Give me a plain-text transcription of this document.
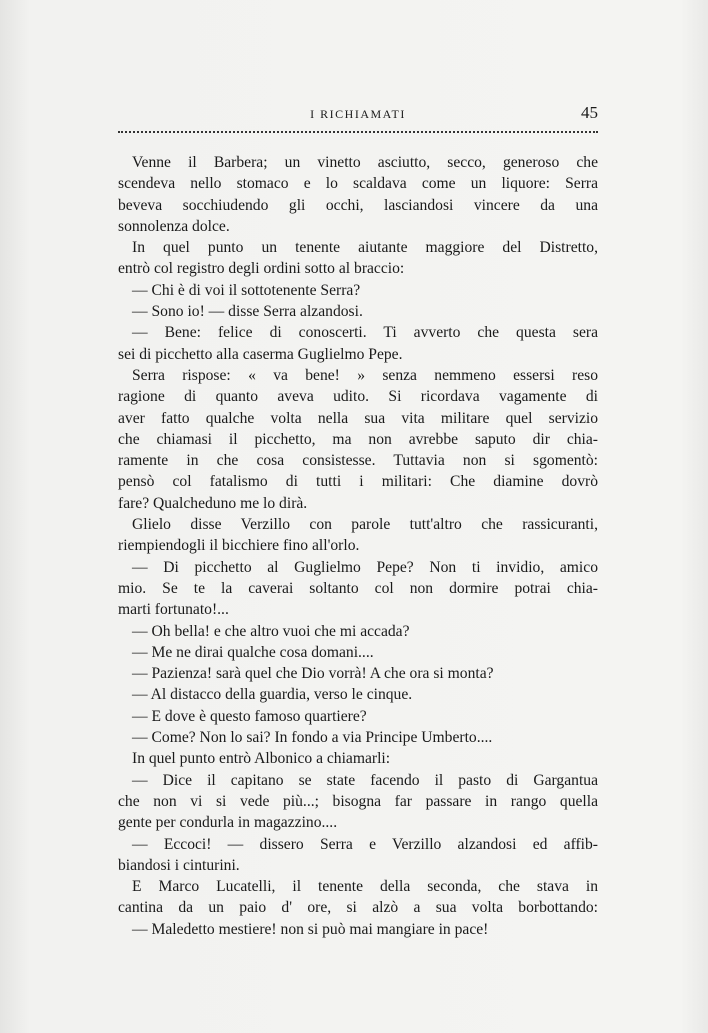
I RICHIAMATI	45
Venne il Barbera; un vinetto asciutto, secco, generoso che
scendeva nello stomaco e lo scaldava come un liquore: Serra
beveva socchiudendo gli occhi, lasciandosi vincere da una
sonnolenza dolce.
In quel punto un tenente aiutante maggiore del Distretto,
entrò col registro degli ordini sotto al braccio:
— Chi è di voi il sottotenente Serra?
— Sono io! — disse Serra alzandosi.
— Bene: felice di conoscerti. Ti avverto che questa sera
sei di picchetto alla caserma Guglielmo Pepe.
Serra rispose: « va bene! » senza nemmeno essersi reso
ragione di quanto aveva udito. Si ricordava vagamente di
aver fatto qualche volta nella sua vita militare quel servizio
che chiamasi il picchetto, ma non avrebbe saputo dir chia-
ramente in che cosa consistesse. Tuttavia non si sgomentò:
pensò col fatalismo di tutti i militari: Che diamine dovrò
fare? Qualcheduno me lo dirà.
Glielo disse Verzillo con parole tutt'altro che rassicuranti,
riempiendogli il bicchiere fino all'orlo.
— Di picchetto al Guglielmo Pepe? Non ti invidio, amico
mio. Se te la caverai soltanto col non dormire potrai chia-
marti fortunato!...
— Oh bella! e che altro vuoi che mi accada?
— Me ne dirai qualche cosa domani....
— Pazienza! sarà quel che Dio vorrà! A che ora si monta?
— Al distacco della guardia, verso le cinque.
— E dove è questo famoso quartiere?
— Come? Non lo sai? In fondo a via Principe Umberto....
In quel punto entrò Albonico a chiamarli:
— Dice il capitano se state facendo il pasto di Gargantua
che non vi si vede più...; bisogna far passare in rango quella
gente per condurla in magazzino....
— Eccoci! — dissero Serra e Verzillo alzandosi ed affib-
biandosi i cinturini.
E Marco Lucatelli, il tenente della seconda, che stava in
cantina da un paio d' ore, si alzò a sua volta borbottando:
— Maledetto mestiere! non si può mai mangiare in pace!
